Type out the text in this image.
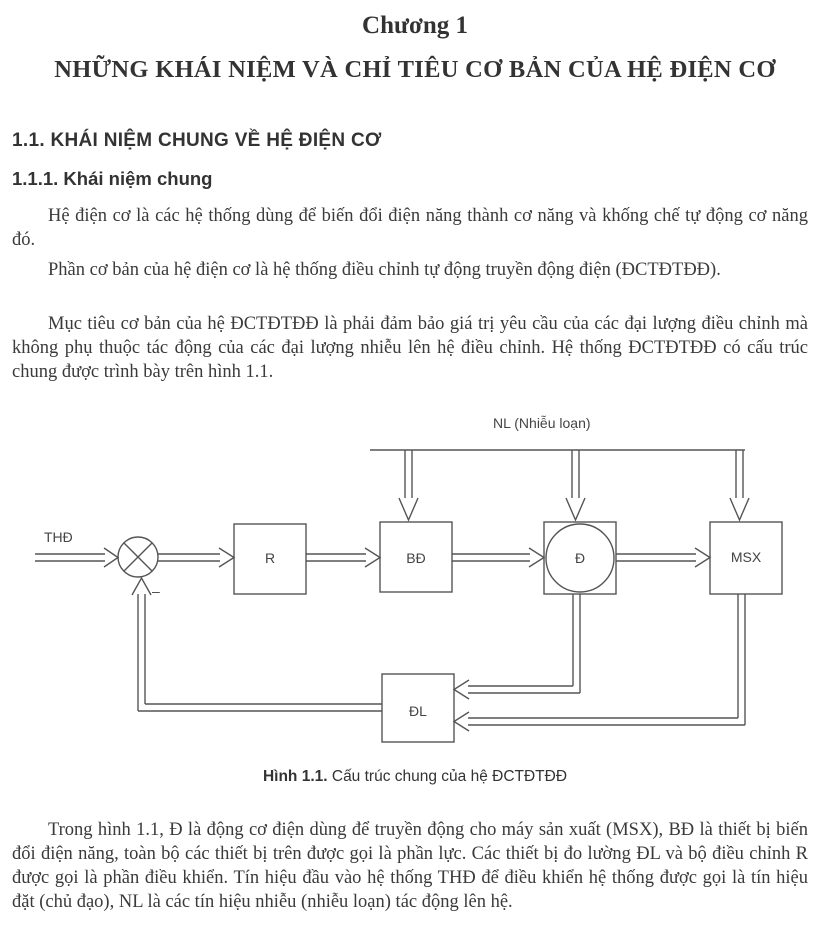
Chương 1
NHỮNG KHÁI NIỆM VÀ CHỈ TIÊU CƠ BẢN CỦA HỆ ĐIỆN CƠ
1.1. KHÁI NIỆM CHUNG VỀ HỆ ĐIỆN CƠ
1.1.1. Khái niệm chung

Hệ điện cơ là các hệ thống dùng để biến đổi điện năng thành cơ năng và khống chế tự động cơ năng đó.

Phần cơ bản của hệ điện cơ là hệ thống điều chỉnh tự động truyền động điện (ĐCTĐTĐĐ).

Mục tiêu cơ bản của hệ ĐCTĐTĐĐ là phải đảm bảo giá trị yêu cầu của các đại lượng điều chỉnh mà không phụ thuộc tác động của các đại lượng nhiễu lên hệ điều chỉnh. Hệ thống ĐCTĐTĐĐ có cấu trúc chung được trình bày trên hình 1.1.

NL (Nhiễu loạn)
THĐ
–
R	BĐ	Đ	MSX
ĐL
Hình 1.1. Cấu trúc chung của hệ ĐCTĐTĐĐ

Trong hình 1.1, Đ là động cơ điện dùng để truyền động cho máy sản xuất (MSX), BĐ là thiết bị biến đổi điện năng, toàn bộ các thiết bị trên được gọi là phần lực. Các thiết bị đo lường ĐL và bộ điều chỉnh R được gọi là phần điều khiển. Tín hiệu đầu vào hệ thống THĐ để điều khiển hệ thống được gọi là tín hiệu đặt (chủ đạo), NL là các tín hiệu nhiễu (nhiễu loạn) tác động lên hệ.
